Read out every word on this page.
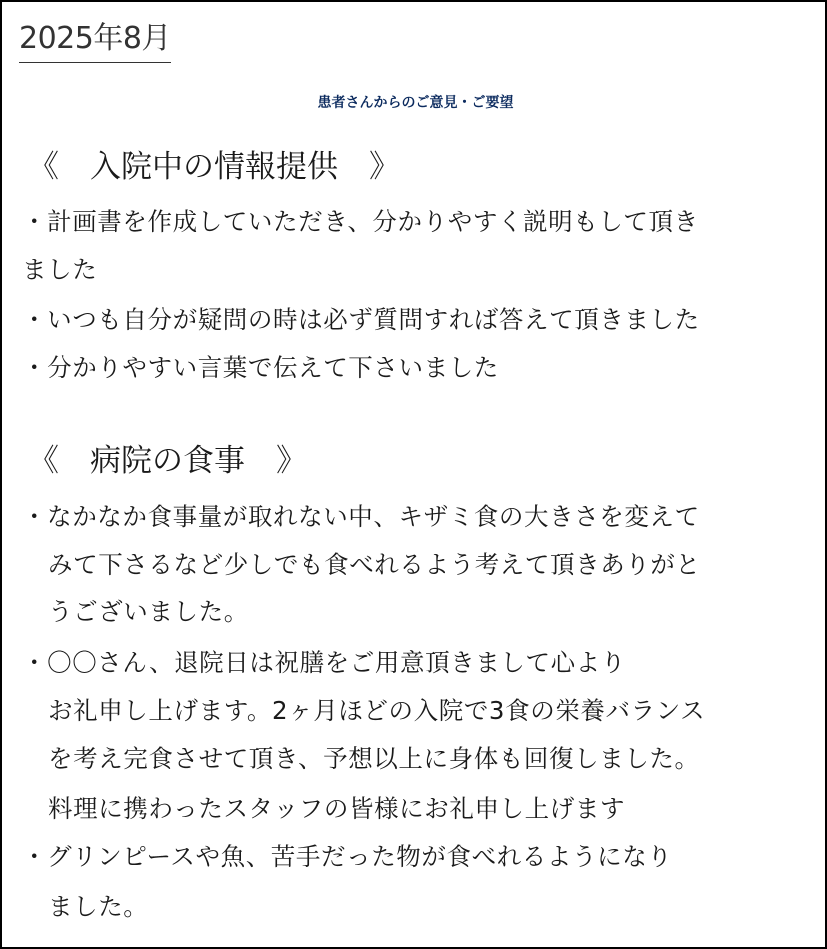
2025年8月
患者さんからのご意見・ご要望
《　入院中の情報提供　》
・計画書を作成していただき、分かりやすく説明もして頂き
ました
・いつも自分が疑問の時は必ず質問すれば答えて頂きました
・分かりやすい言葉で伝えて下さいました
《　病院の食事　》
・なかなか食事量が取れない中、キザミ食の大きさを変えて
みて下さるなど少しでも食べれるよう考えて頂きありがと
うございました。
・〇〇さん、退院日は祝膳をご用意頂きまして心より
お礼申し上げます。2ヶ月ほどの入院で3食の栄養バランス
を考え完食させて頂き、予想以上に身体も回復しました。
料理に携わったスタッフの皆様にお礼申し上げます
・グリンピースや魚、苦手だった物が食べれるようになり
ました。
